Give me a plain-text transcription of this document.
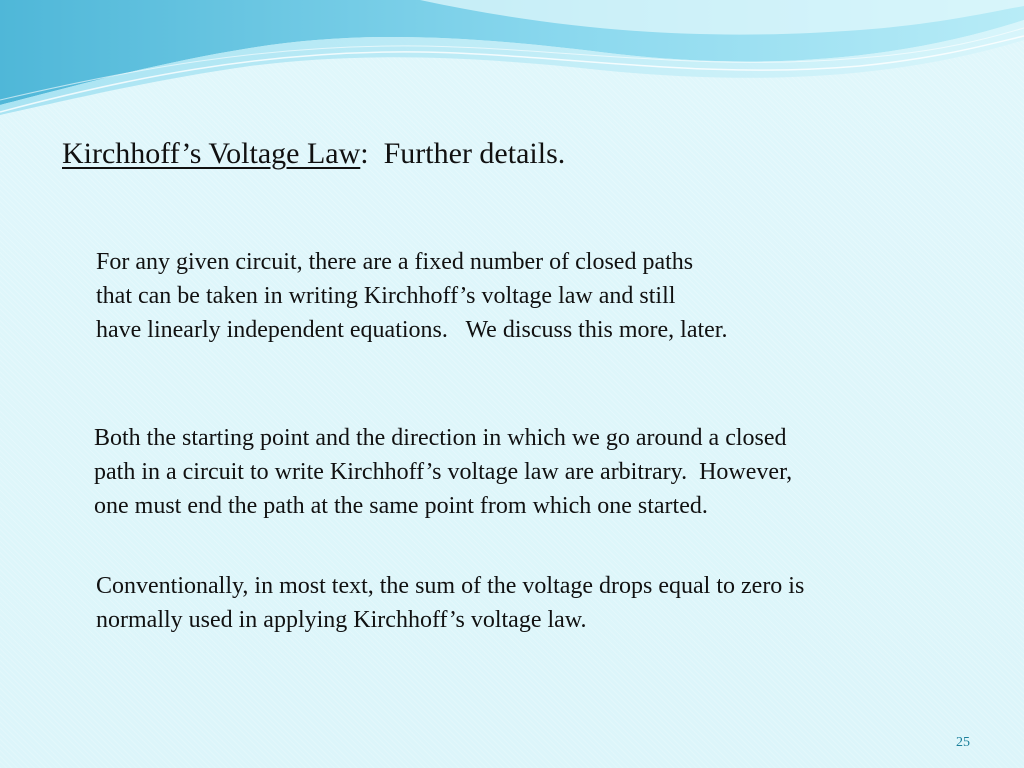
Kirchhoff’s Voltage Law:  Further details.
For any given circuit, there are a fixed number of closed paths
that can be taken in writing Kirchhoff’s voltage law and still
have linearly independent equations.   We discuss this more, later.
Both the starting point and the direction in which we go around a closed
path in a circuit to write Kirchhoff’s voltage law are arbitrary.  However,
one must end the path at the same point from which one started.
Conventionally, in most text, the sum of the voltage drops equal to zero is
normally used in applying Kirchhoff’s voltage law.
25
